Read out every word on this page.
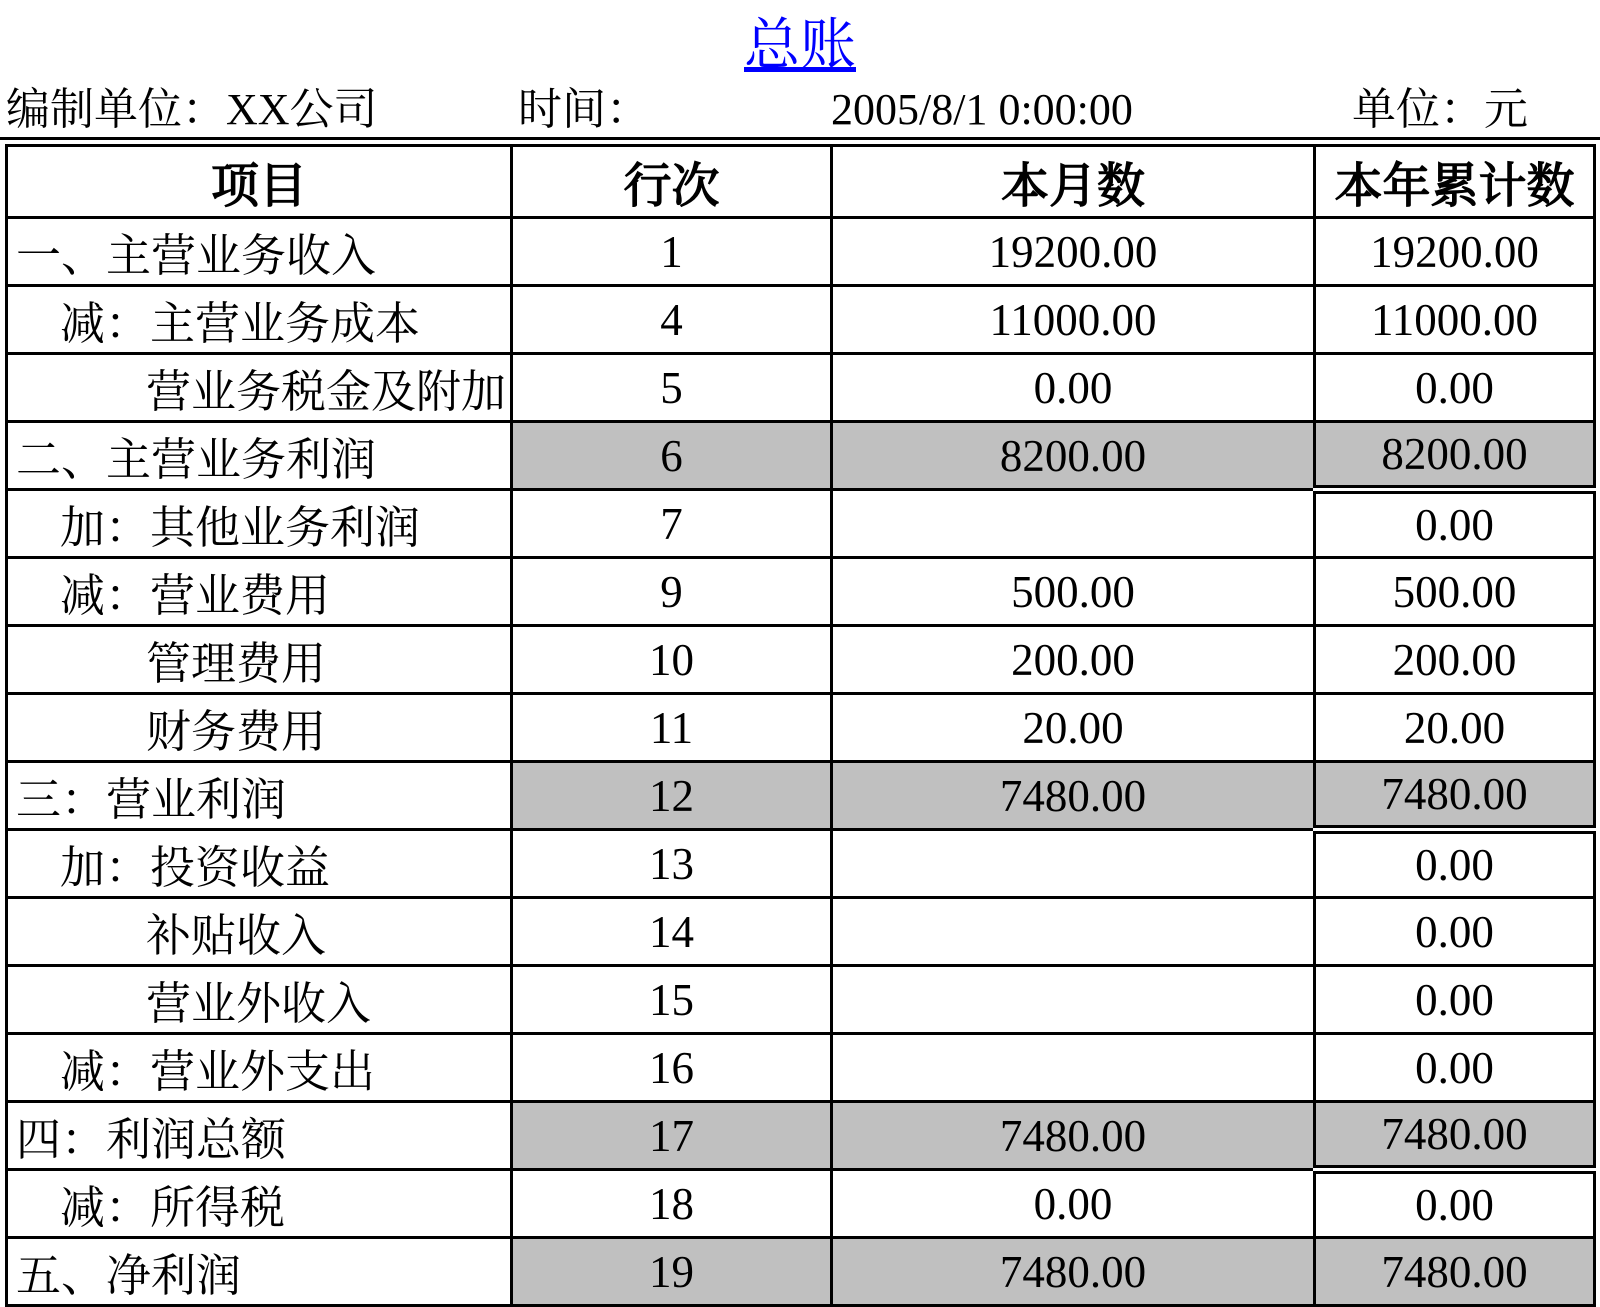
总账
编制单位：XX公司	时间：	2005/8/1 0:00:00	单位：元
项目	行次	本月数	本年累计数
一、主营业务收入	1	19200.00	19200.00
减：主营业务成本	4	11000.00	11000.00
营业务税金及附加	5	0.00	0.00
二、主营业务利润	6	8200.00	8200.00
加：其他业务利润	7		0.00
减：营业费用	9	500.00	500.00
管理费用	10	200.00	200.00
财务费用	11	20.00	20.00
三：营业利润	12	7480.00	7480.00
加：投资收益	13		0.00
补贴收入	14		0.00
营业外收入	15		0.00
减：营业外支出	16		0.00
四：利润总额	17	7480.00	7480.00
减：所得税	18	0.00	0.00
五、净利润	19	7480.00	7480.00
